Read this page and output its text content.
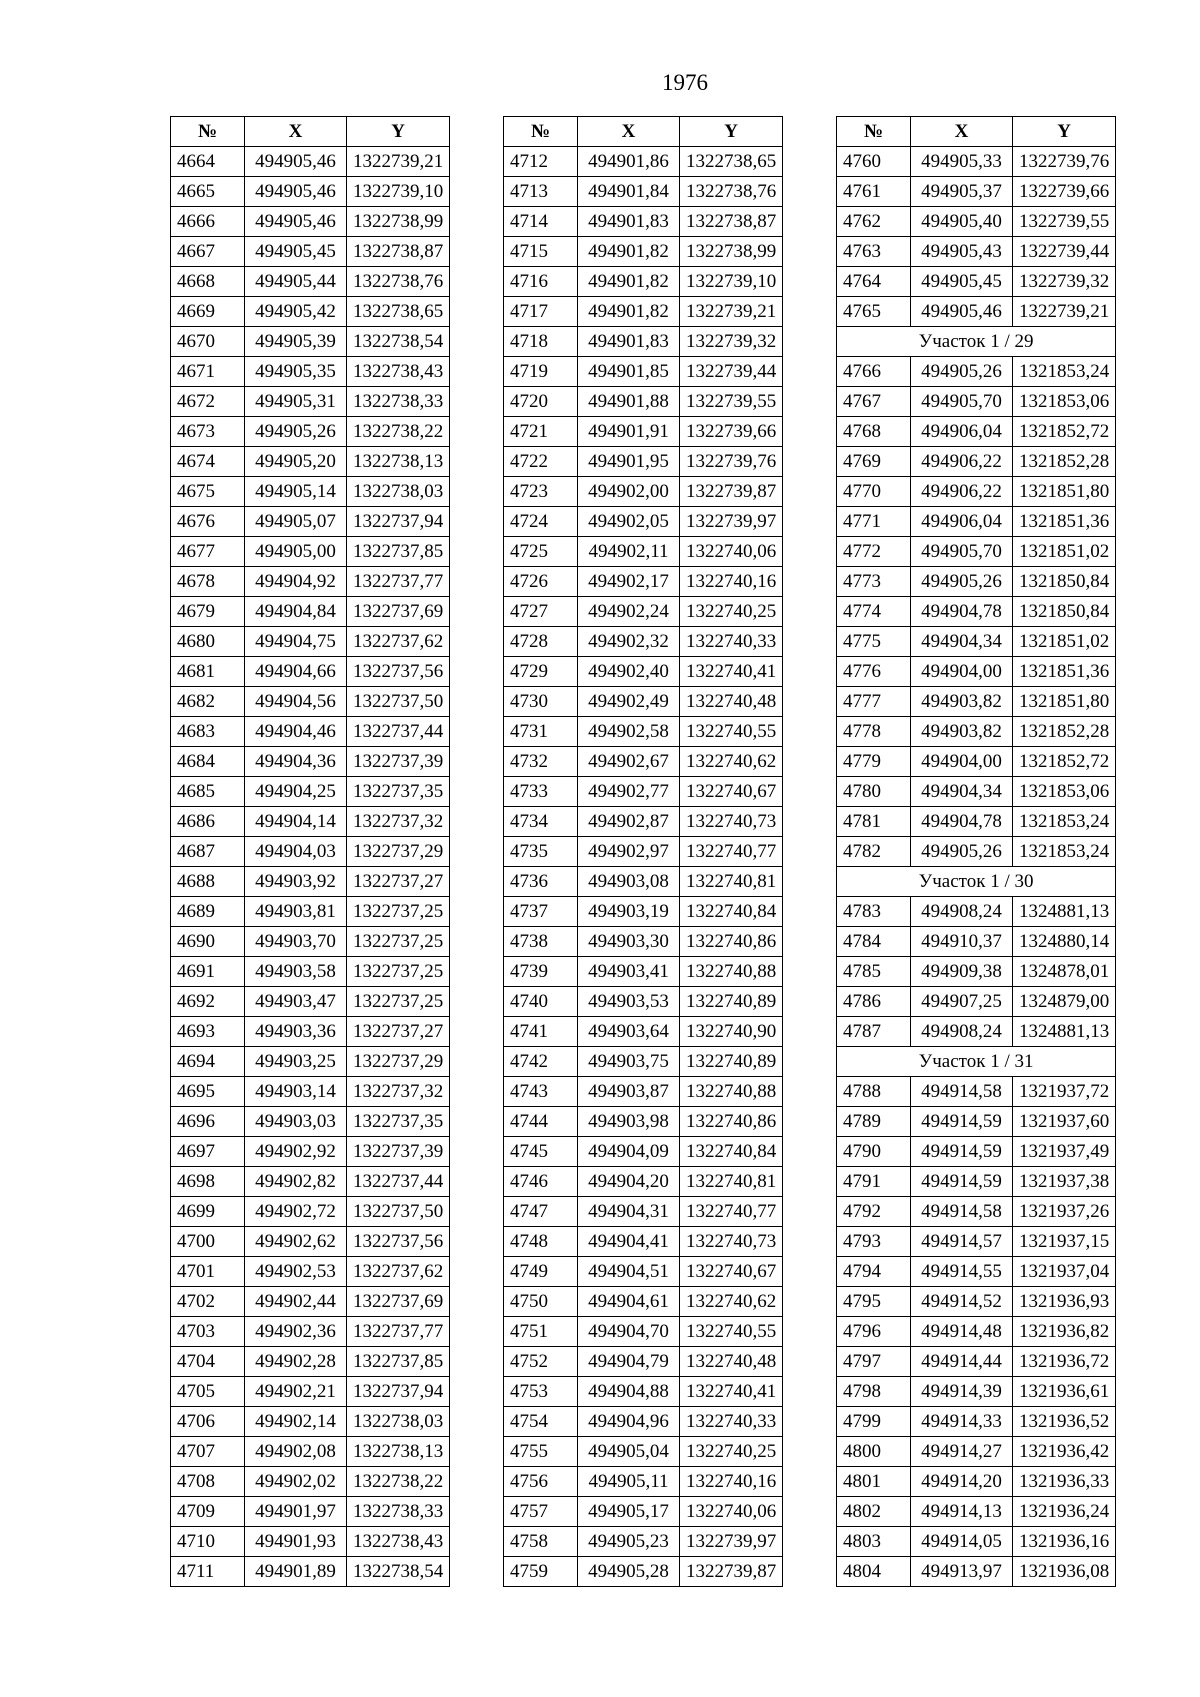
1976
№	X	Y
4664	494905,46	1322739,21
4665	494905,46	1322739,10
4666	494905,46	1322738,99
4667	494905,45	1322738,87
4668	494905,44	1322738,76
4669	494905,42	1322738,65
4670	494905,39	1322738,54
4671	494905,35	1322738,43
4672	494905,31	1322738,33
4673	494905,26	1322738,22
4674	494905,20	1322738,13
4675	494905,14	1322738,03
4676	494905,07	1322737,94
4677	494905,00	1322737,85
4678	494904,92	1322737,77
4679	494904,84	1322737,69
4680	494904,75	1322737,62
4681	494904,66	1322737,56
4682	494904,56	1322737,50
4683	494904,46	1322737,44
4684	494904,36	1322737,39
4685	494904,25	1322737,35
4686	494904,14	1322737,32
4687	494904,03	1322737,29
4688	494903,92	1322737,27
4689	494903,81	1322737,25
4690	494903,70	1322737,25
4691	494903,58	1322737,25
4692	494903,47	1322737,25
4693	494903,36	1322737,27
4694	494903,25	1322737,29
4695	494903,14	1322737,32
4696	494903,03	1322737,35
4697	494902,92	1322737,39
4698	494902,82	1322737,44
4699	494902,72	1322737,50
4700	494902,62	1322737,56
4701	494902,53	1322737,62
4702	494902,44	1322737,69
4703	494902,36	1322737,77
4704	494902,28	1322737,85
4705	494902,21	1322737,94
4706	494902,14	1322738,03
4707	494902,08	1322738,13
4708	494902,02	1322738,22
4709	494901,97	1322738,33
4710	494901,93	1322738,43
4711	494901,89	1322738,54
№	X	Y
4712	494901,86	1322738,65
4713	494901,84	1322738,76
4714	494901,83	1322738,87
4715	494901,82	1322738,99
4716	494901,82	1322739,10
4717	494901,82	1322739,21
4718	494901,83	1322739,32
4719	494901,85	1322739,44
4720	494901,88	1322739,55
4721	494901,91	1322739,66
4722	494901,95	1322739,76
4723	494902,00	1322739,87
4724	494902,05	1322739,97
4725	494902,11	1322740,06
4726	494902,17	1322740,16
4727	494902,24	1322740,25
4728	494902,32	1322740,33
4729	494902,40	1322740,41
4730	494902,49	1322740,48
4731	494902,58	1322740,55
4732	494902,67	1322740,62
4733	494902,77	1322740,67
4734	494902,87	1322740,73
4735	494902,97	1322740,77
4736	494903,08	1322740,81
4737	494903,19	1322740,84
4738	494903,30	1322740,86
4739	494903,41	1322740,88
4740	494903,53	1322740,89
4741	494903,64	1322740,90
4742	494903,75	1322740,89
4743	494903,87	1322740,88
4744	494903,98	1322740,86
4745	494904,09	1322740,84
4746	494904,20	1322740,81
4747	494904,31	1322740,77
4748	494904,41	1322740,73
4749	494904,51	1322740,67
4750	494904,61	1322740,62
4751	494904,70	1322740,55
4752	494904,79	1322740,48
4753	494904,88	1322740,41
4754	494904,96	1322740,33
4755	494905,04	1322740,25
4756	494905,11	1322740,16
4757	494905,17	1322740,06
4758	494905,23	1322739,97
4759	494905,28	1322739,87
№	X	Y
4760	494905,33	1322739,76
4761	494905,37	1322739,66
4762	494905,40	1322739,55
4763	494905,43	1322739,44
4764	494905,45	1322739,32
4765	494905,46	1322739,21
Участок 1 / 29		
4766	494905,26	1321853,24
4767	494905,70	1321853,06
4768	494906,04	1321852,72
4769	494906,22	1321852,28
4770	494906,22	1321851,80
4771	494906,04	1321851,36
4772	494905,70	1321851,02
4773	494905,26	1321850,84
4774	494904,78	1321850,84
4775	494904,34	1321851,02
4776	494904,00	1321851,36
4777	494903,82	1321851,80
4778	494903,82	1321852,28
4779	494904,00	1321852,72
4780	494904,34	1321853,06
4781	494904,78	1321853,24
4782	494905,26	1321853,24
Участок 1 / 30		
4783	494908,24	1324881,13
4784	494910,37	1324880,14
4785	494909,38	1324878,01
4786	494907,25	1324879,00
4787	494908,24	1324881,13
Участок 1 / 31		
4788	494914,58	1321937,72
4789	494914,59	1321937,60
4790	494914,59	1321937,49
4791	494914,59	1321937,38
4792	494914,58	1321937,26
4793	494914,57	1321937,15
4794	494914,55	1321937,04
4795	494914,52	1321936,93
4796	494914,48	1321936,82
4797	494914,44	1321936,72
4798	494914,39	1321936,61
4799	494914,33	1321936,52
4800	494914,27	1321936,42
4801	494914,20	1321936,33
4802	494914,13	1321936,24
4803	494914,05	1321936,16
4804	494913,97	1321936,08
